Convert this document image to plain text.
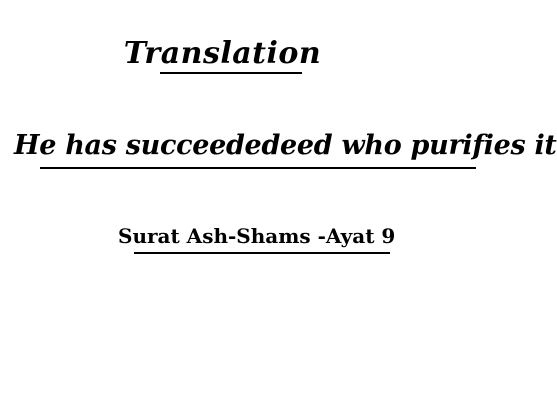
Translation
He has succeededeed who purifies it
Surat Ash-Shams -Ayat 9
